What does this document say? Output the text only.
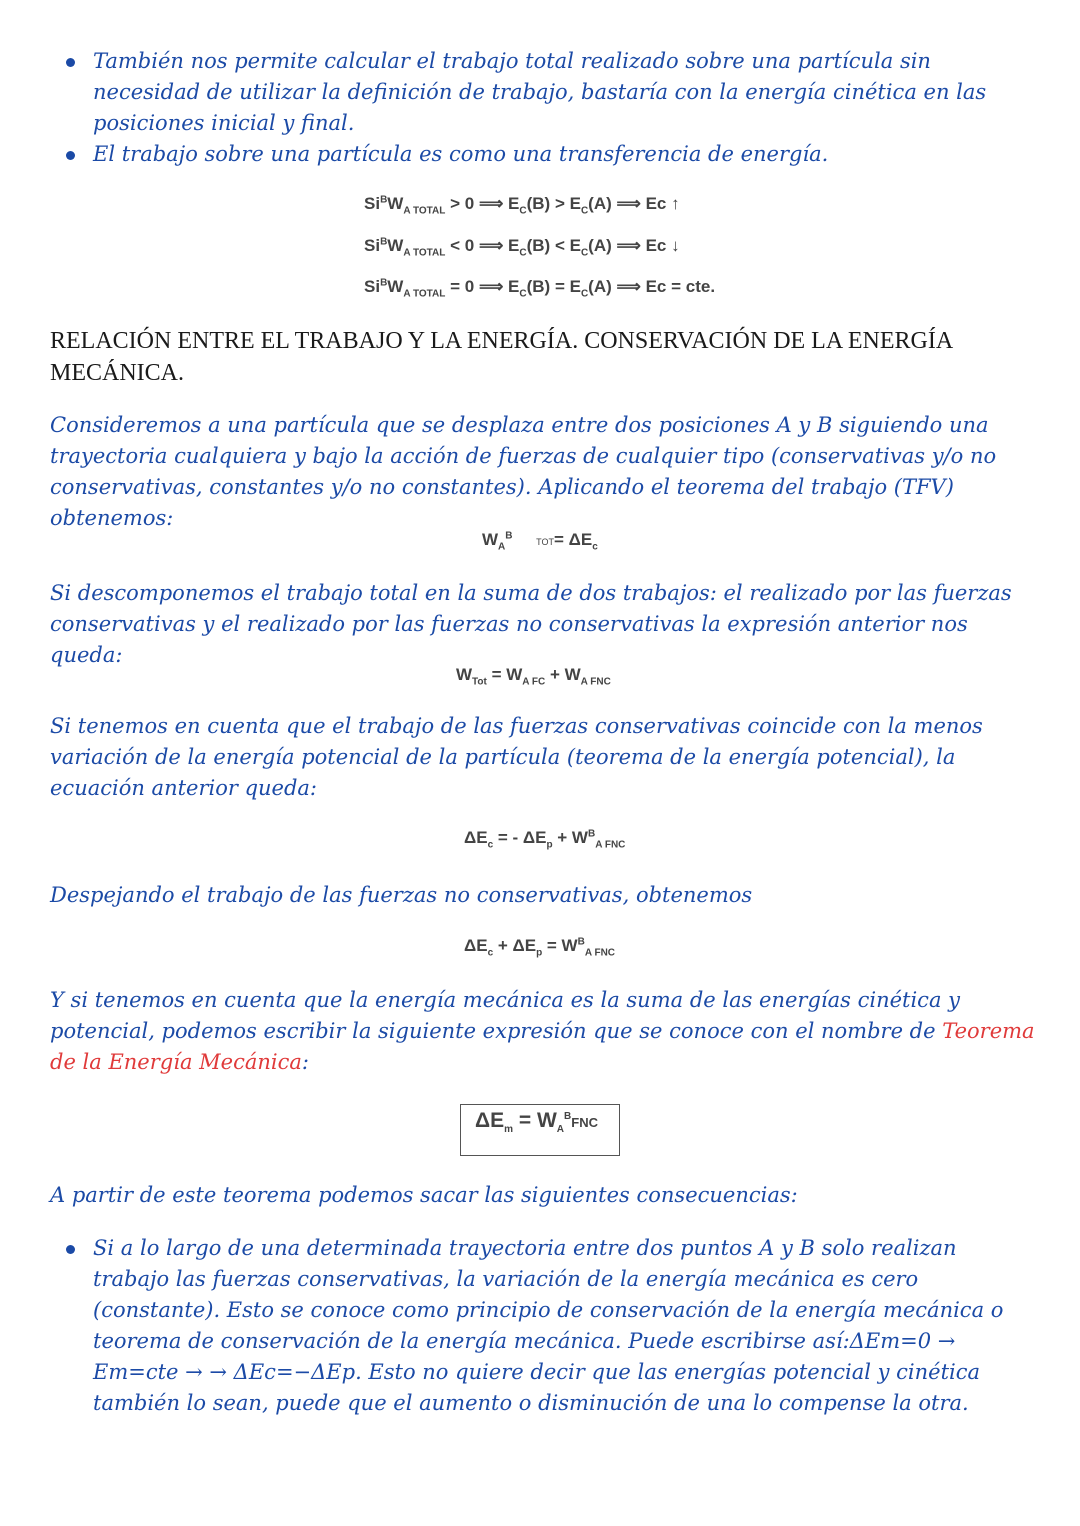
También nos permite calcular el trabajo total realizado sobre una partícula sin necesidad de utilizar la definición de trabajo, bastaría con la energía cinética en las posiciones inicial y final.
El trabajo sobre una partícula es como una transferencia de energía.
$Si^BW_{A TOTAL} > 0$ ⟹ $E_C(B) > E_C(A)$ ⟹ Ec ↑
$Si^BW_{A TOTAL} < 0$ ⟹ $E_C(B) < E_C(A)$ ⟹ Ec ↓
$Si^BW_{A TOTAL} = 0$ ⟹ $E_C(B) = E_C(A)$ ⟹ Ec = cte.
RELACIÓN ENTRE EL TRABAJO Y LA ENERGÍA. CONSERVACIÓN DE LA ENERGÍA MECÁNICA.
Consideremos a una partícula que se desplaza entre dos posiciones A y B siguiendo una trayectoria cualquiera y bajo la acción de fuerzas de cualquier tipo (conservativas y/o no conservativas, constantes y/o no constantes). Aplicando el teorema del trabajo (TFV) obtenemos:
$W_A^B$     $TOT= \Delta E_c$
Si descomponemos el trabajo total en la suma de dos trabajos: el realizado por las fuerzas conservativas y el realizado por las fuerzas no conservativas la expresión anterior nos queda:
$W_{Tot} = W_{A FC} + W_{A FNC}$
Si tenemos en cuenta que el trabajo de las fuerzas conservativas coincide con la menos variación de la energía potencial de la partícula (teorema de la energía potencial), la ecuación anterior queda:
$\Delta E_c$ = - $\Delta E_p + W^B_{A FNC}$
Despejando el trabajo de las fuerzas no conservativas, obtenemos
$\Delta E_c + \Delta E_p = W^B_{A FNC}$
Y si tenemos en cuenta que la energía mecánica es la suma de las energías cinética y potencial, podemos escribir la siguiente expresión que se conoce con el nombre de Teorema de la Energía Mecánica:
$\Delta E_m = W_A^BFNC$
A partir de este teorema podemos sacar las siguientes consecuencias:
Si a lo largo de una determinada trayectoria entre dos puntos A y B solo realizan trabajo las fuerzas conservativas, la variación de la energía mecánica es cero (constante). Esto se conoce como principio de conservación de la energía mecánica o teorema de conservación de la energía mecánica. Puede escribirse así:ΔEm=0 → Em=cte → → ΔEc=−ΔEp. Esto no quiere decir que las energías potencial y cinética también lo sean, puede que el aumento o disminución de una lo compense la otra.
